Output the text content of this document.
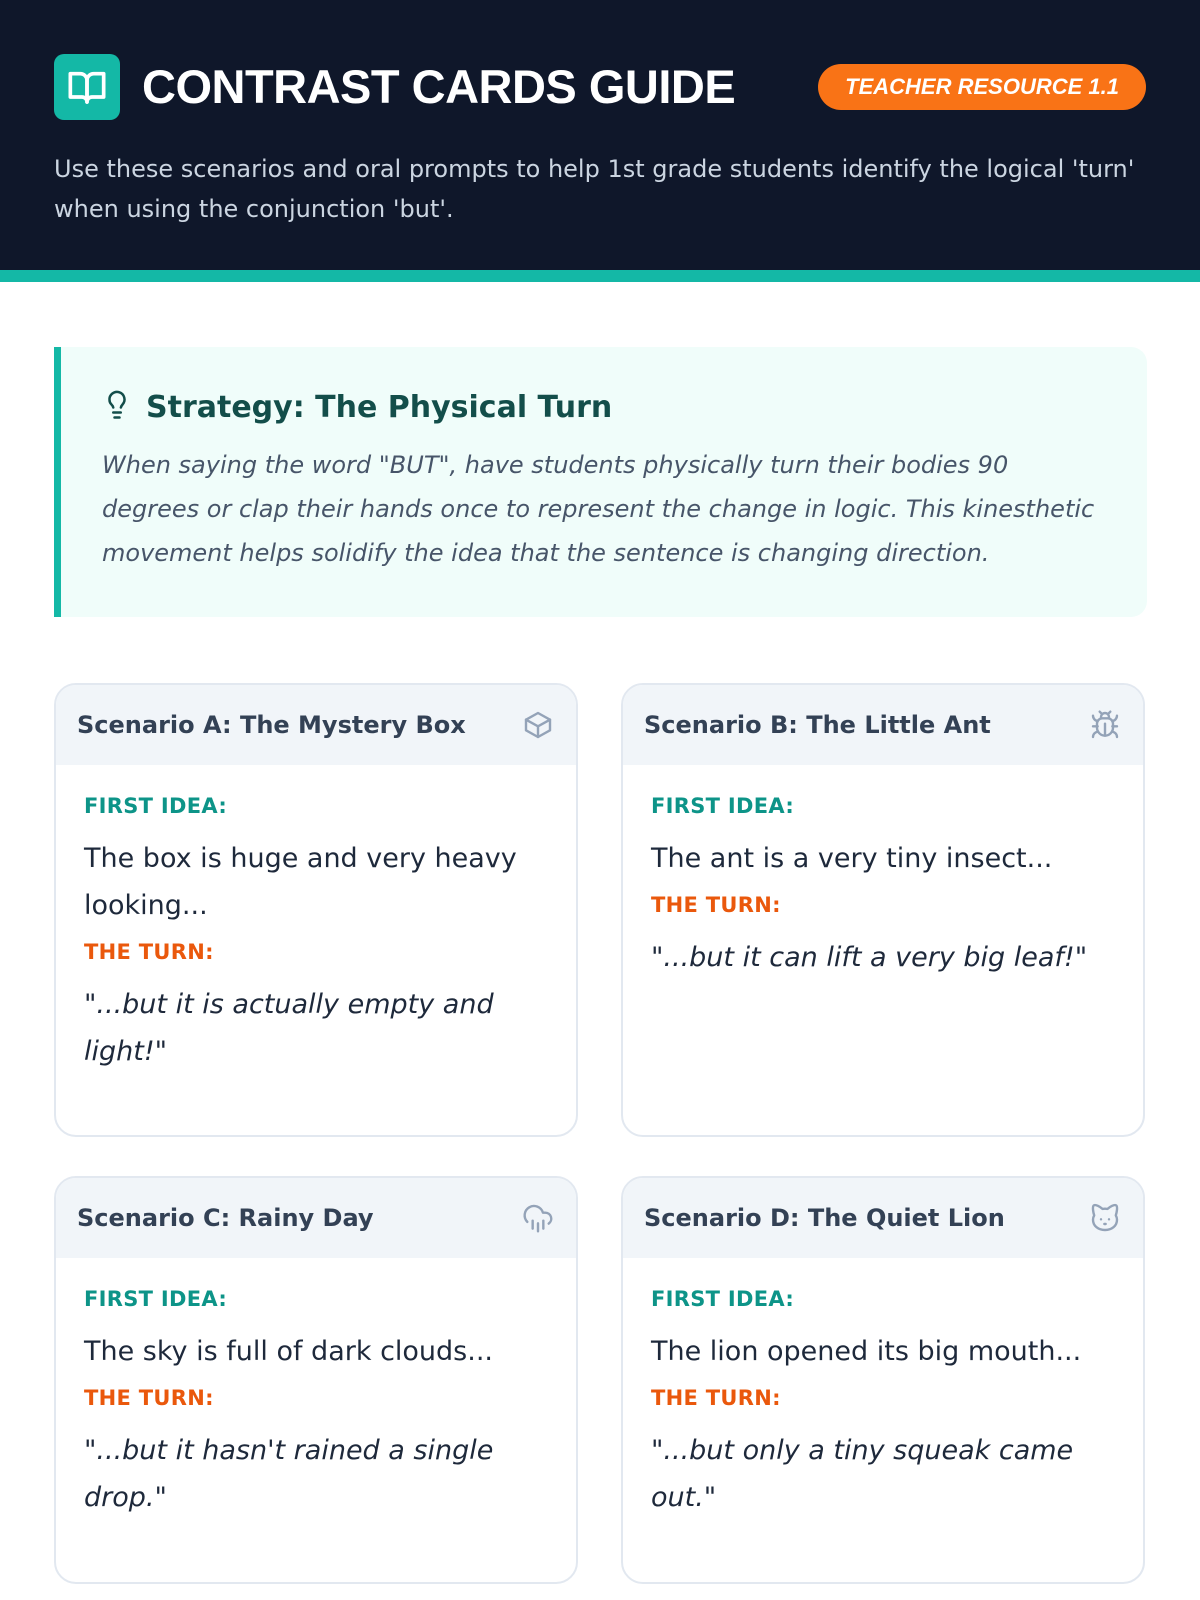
CONTRAST CARDS GUIDE	TEACHER RESOURCE 1.1

Use these scenarios and oral prompts to help 1st grade students identify the logical 'turn' when using the conjunction 'but'.

Strategy: The Physical Turn
When saying the word "BUT", have students physically turn their bodies 90 degrees or clap their hands once to represent the change in logic. This kinesthetic movement helps solidify the idea that the sentence is changing direction.
Scenario A: The Mystery Box
FIRST IDEA:
The box is huge and very heavy looking...
THE TURN:
"...but it is actually empty and light!"
Scenario B: The Little Ant
FIRST IDEA:
The ant is a very tiny insect...
THE TURN:
"...but it can lift a very big leaf!"
Scenario C: Rainy Day
FIRST IDEA:
The sky is full of dark clouds...
THE TURN:
"...but it hasn't rained a single drop."
Scenario D: The Quiet Lion
FIRST IDEA:
The lion opened its big mouth...
THE TURN:
"...but only a tiny squeak came out."
